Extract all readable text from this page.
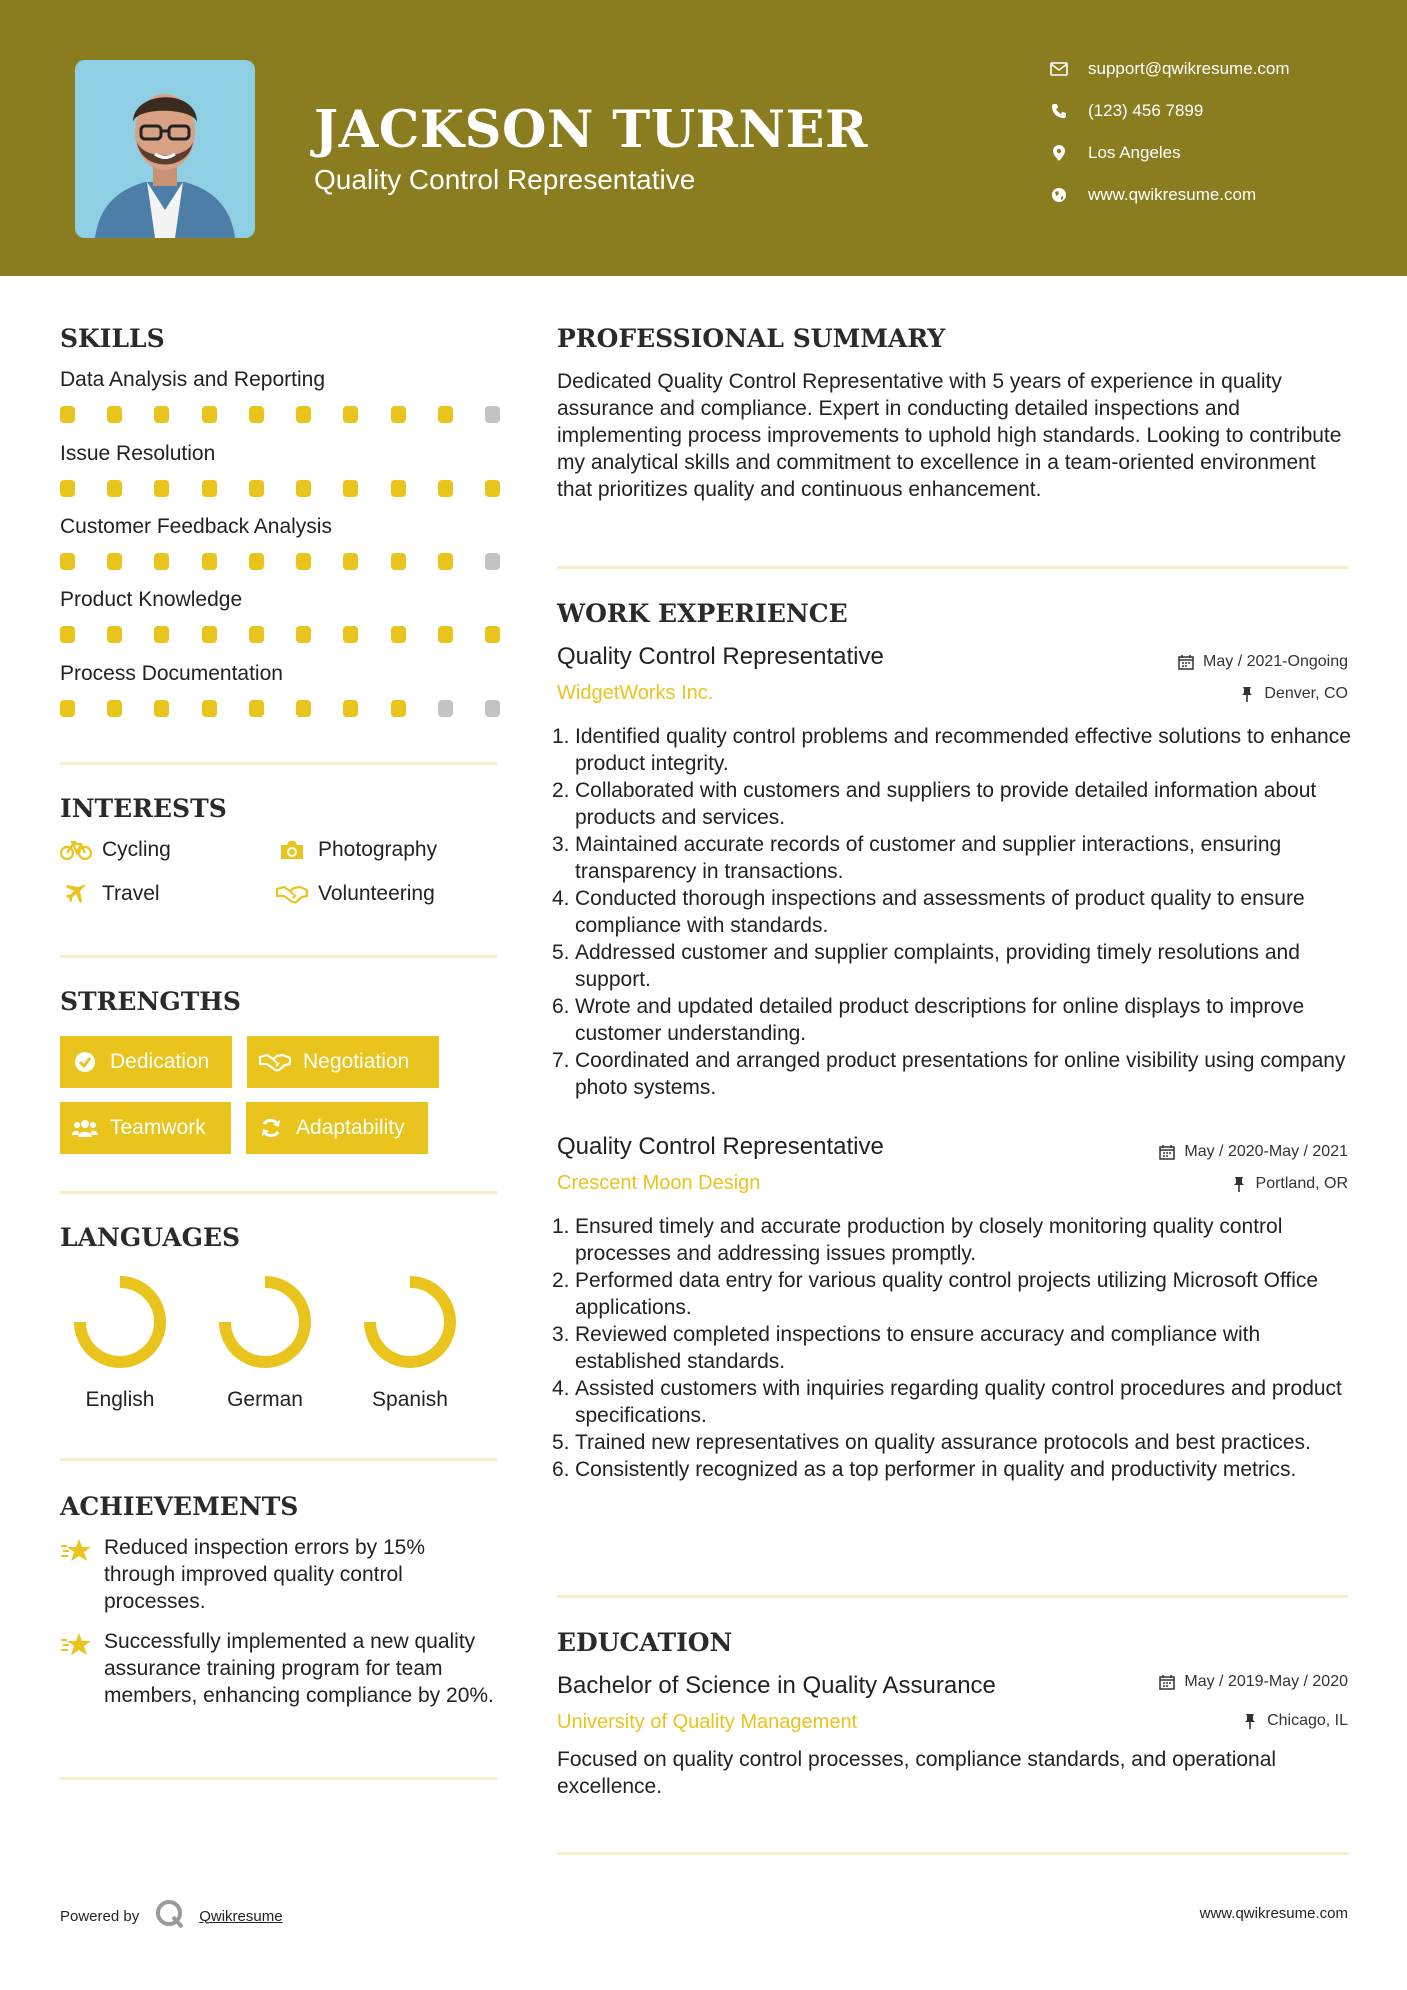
JACKSON TURNER
Quality Control Representative
support@qwikresume.com
(123) 456 7899
Los Angeles
www.qwikresume.com
SKILLS
Data Analysis and Reporting
Issue Resolution
Customer Feedback Analysis
Product Knowledge
Process Documentation
INTERESTS
Cycling	Photography
Travel	Volunteering
STRENGTHS
Dedication	Negotiation
Teamwork	Adaptability
LANGUAGES
English	German	Spanish
ACHIEVEMENTS
Reduced inspection errors by 15% through improved quality control processes.
Successfully implemented a new quality assurance training program for team members, enhancing compliance by 20%.
PROFESSIONAL SUMMARY
Dedicated Quality Control Representative with 5 years of experience in quality assurance and compliance. Expert in conducting detailed inspections and implementing process improvements to uphold high standards. Looking to contribute my analytical skills and commitment to excellence in a team-oriented environment that prioritizes quality and continuous enhancement.
WORK EXPERIENCE
Quality Control Representative	May / 2021-Ongoing
WidgetWorks Inc.	Denver, CO
1. Identified quality control problems and recommended effective solutions to enhance product integrity.
2. Collaborated with customers and suppliers to provide detailed information about products and services.
3. Maintained accurate records of customer and supplier interactions, ensuring transparency in transactions.
4. Conducted thorough inspections and assessments of product quality to ensure compliance with standards.
5. Addressed customer and supplier complaints, providing timely resolutions and support.
6. Wrote and updated detailed product descriptions for online displays to improve customer understanding.
7. Coordinated and arranged product presentations for online visibility using company photo systems.
Quality Control Representative	May / 2020-May / 2021
Crescent Moon Design	Portland, OR
1. Ensured timely and accurate production by closely monitoring quality control processes and addressing issues promptly.
2. Performed data entry for various quality control projects utilizing Microsoft Office applications.
3. Reviewed completed inspections to ensure accuracy and compliance with established standards.
4. Assisted customers with inquiries regarding quality control procedures and product specifications.
5. Trained new representatives on quality assurance protocols and best practices.
6. Consistently recognized as a top performer in quality and productivity metrics.
EDUCATION
Bachelor of Science in Quality Assurance	May / 2019-May / 2020
University of Quality Management	Chicago, IL
Focused on quality control processes, compliance standards, and operational excellence.
Powered by	Qwikresume	www.qwikresume.com
